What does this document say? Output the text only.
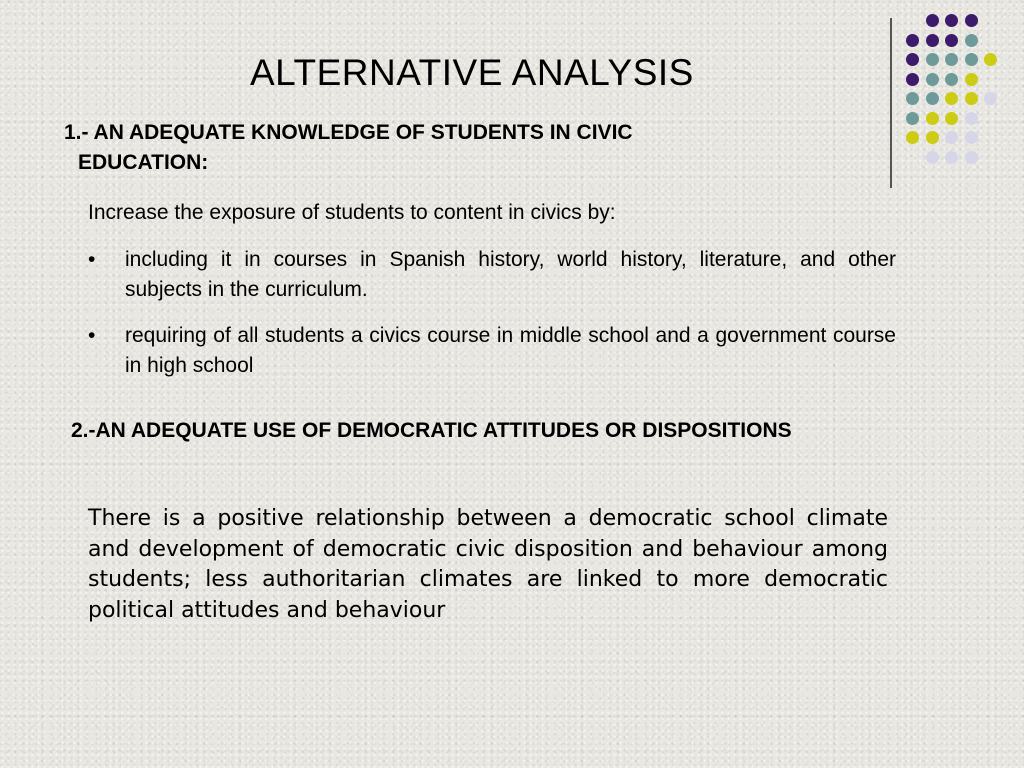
ALTERNATIVE ANALYSIS
1.- AN ADEQUATE KNOWLEDGE OF STUDENTS IN CIVIC
EDUCATION:
Increase the exposure of students to content in civics by:
• including it in courses in Spanish history, world history, literature, and other subjects in the curriculum.
• requiring of all students a civics course in middle school and a government course in high school
2.-AN ADEQUATE USE OF DEMOCRATIC ATTITUDES OR DISPOSITIONS
There is a positive relationship between a democratic school climate and development of democratic civic disposition and behaviour among students; less authoritarian climates are linked to more democratic political attitudes and behaviour
